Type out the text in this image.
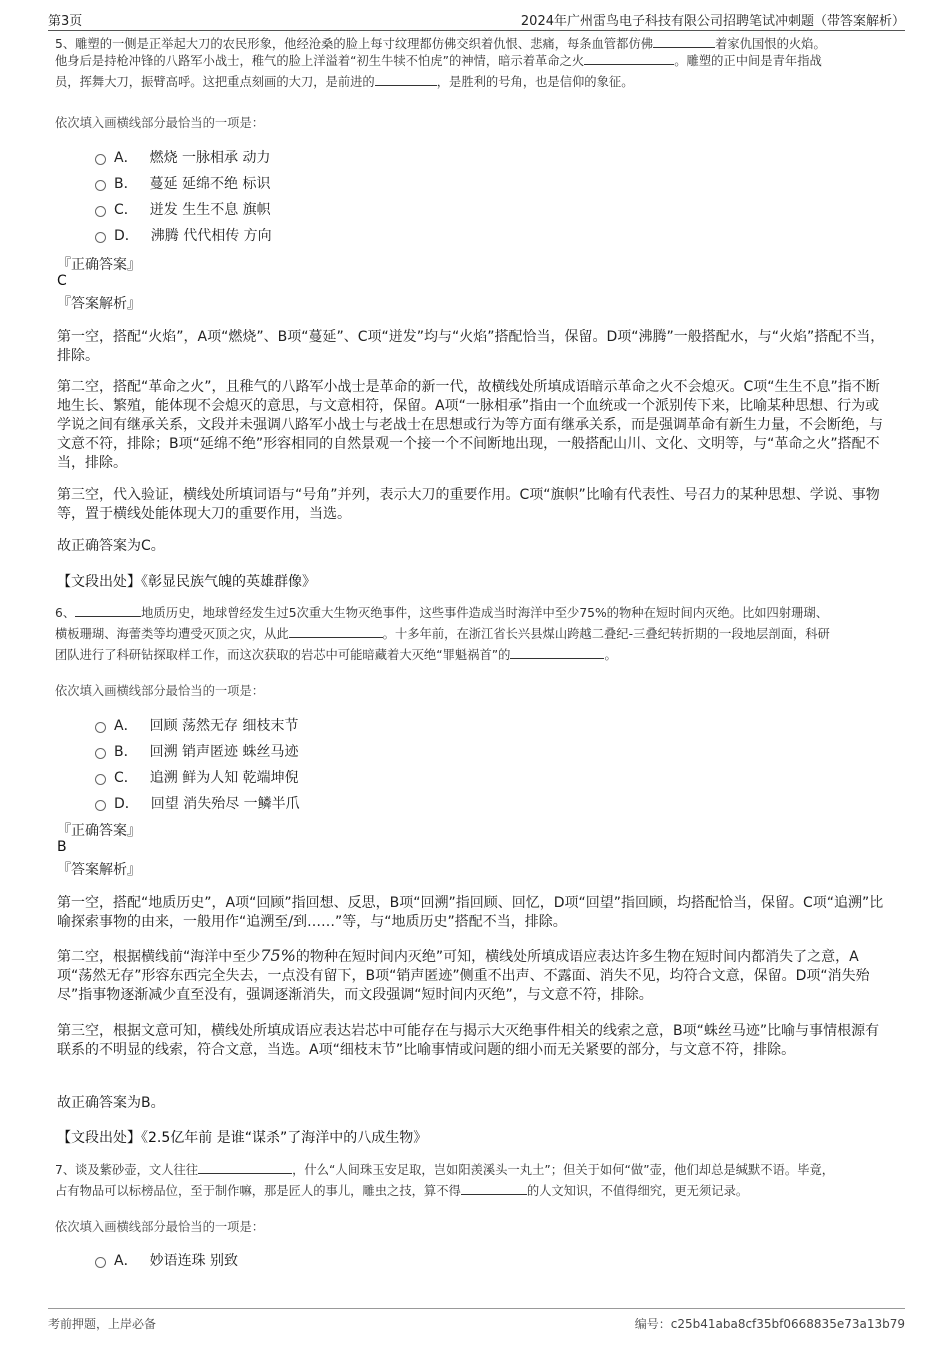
第3页	2024年广州雷鸟电子科技有限公司招聘笔试冲刺题（带答案解析）
5、雕塑的一侧是正举起大刀的农民形象，他经沧桑的脸上每寸纹理都仿佛交织着仇恨、悲痛，每条血管都仿佛	着家仇国恨的火焰。
他身后是持枪冲锋的八路军小战士，稚气的脸上洋溢着“初生牛犊不怕虎”的神情，暗示着革命之火	。雕塑的正中间是青年指战
员，挥舞大刀，振臂高呼。这把重点刻画的大刀，是前进的	，是胜利的号角，也是信仰的象征。
依次填入画横线部分最恰当的一项是：
A． 燃烧 一脉相承 动力
B． 蔓延 延绵不绝 标识
C． 迸发 生生不息 旗帜
D． 沸腾 代代相传 方向
『正确答案』
C
『答案解析』
第一空，搭配“火焰”，A项“燃烧”、B项“蔓延”、C项“迸发”均与“火焰”搭配恰当，保留。D项“沸腾”一般搭配水，与“火焰”搭配不当，排除。
第二空，搭配“革命之火”，且稚气的八路军小战士是革命的新一代，故横线处所填成语暗示革命之火不会熄灭。C项“生生不息”指不断地生长、繁殖，能体现不会熄灭的意思，与文意相符，保留。A项“一脉相承”指由一个血统或一个派别传下来，比喻某种思想、行为或学说之间有继承关系，文段并未强调八路军小战士与老战士在思想或行为等方面有继承关系，而是强调革命有新生力量，不会断绝，与文意不符，排除；B项“延绵不绝”形容相同的自然景观一个接一个不间断地出现，一般搭配山川、文化、文明等，与“革命之火”搭配不当，排除。
第三空，代入验证，横线处所填词语与“号角”并列，表示大刀的重要作用。C项“旗帜”比喻有代表性、号召力的某种思想、学说、事物等，置于横线处能体现大刀的重要作用，当选。
故正确答案为C。
【文段出处】《彰显民族气魄的英雄群像》
6、	地质历史，地球曾经发生过5次重大生物灭绝事件，这些事件造成当时海洋中至少75%的物种在短时间内灭绝。比如四射珊瑚、
横板珊瑚、海蕾类等均遭受灭顶之灾，从此	。十多年前，在浙江省长兴县煤山跨越二叠纪-三叠纪转折期的一段地层剖面，科研
团队进行了科研钻探取样工作，而这次获取的岩芯中可能暗藏着大灭绝“罪魁祸首”的	。
依次填入画横线部分最恰当的一项是：
A． 回顾 荡然无存 细枝末节
B． 回溯 销声匿迹 蛛丝马迹
C． 追溯 鲜为人知 乾端坤倪
D． 回望 消失殆尽 一鳞半爪
『正确答案』
B
『答案解析』
第一空，搭配“地质历史”，A项“回顾”指回想、反思，B项“回溯”指回顾、回忆，D项“回望”指回顾，均搭配恰当，保留。C项“追溯”比喻探索事物的由来，一般用作“追溯至/到……”等，与“地质历史”搭配不当，排除。
第二空，根据横线前“海洋中至少75%的物种在短时间内灭绝”可知，横线处所填成语应表达许多生物在短时间内都消失了之意，A项“荡然无存”形容东西完全失去，一点没有留下，B项“销声匿迹”侧重不出声、不露面、消失不见，均符合文意，保留。D项“消失殆尽”指事物逐渐减少直至没有，强调逐渐消失，而文段强调“短时间内灭绝”，与文意不符，排除。
第三空，根据文意可知，横线处所填成语应表达岩芯中可能存在与揭示大灭绝事件相关的线索之意，B项“蛛丝马迹”比喻与事情根源有联系的不明显的线索，符合文意，当选。A项“细枝末节”比喻事情或问题的细小而无关紧要的部分，与文意不符，排除。
故正确答案为B。
【文段出处】《2.5亿年前 是谁“谋杀”了海洋中的八成生物》
7、谈及紫砂壶，文人往往	，什么“人间珠玉安足取，岂如阳羡溪头一丸土”；但关于如何“做”壶，他们却总是缄默不语。毕竟，
占有物品可以标榜品位，至于制作嘛，那是匠人的事儿，雕虫之技，算不得	的人文知识，不值得细究，更无须记录。
依次填入画横线部分最恰当的一项是：
A． 妙语连珠 别致
考前押题，上岸必备	编号：c25b41aba8cf35bf0668835e73a13b79
